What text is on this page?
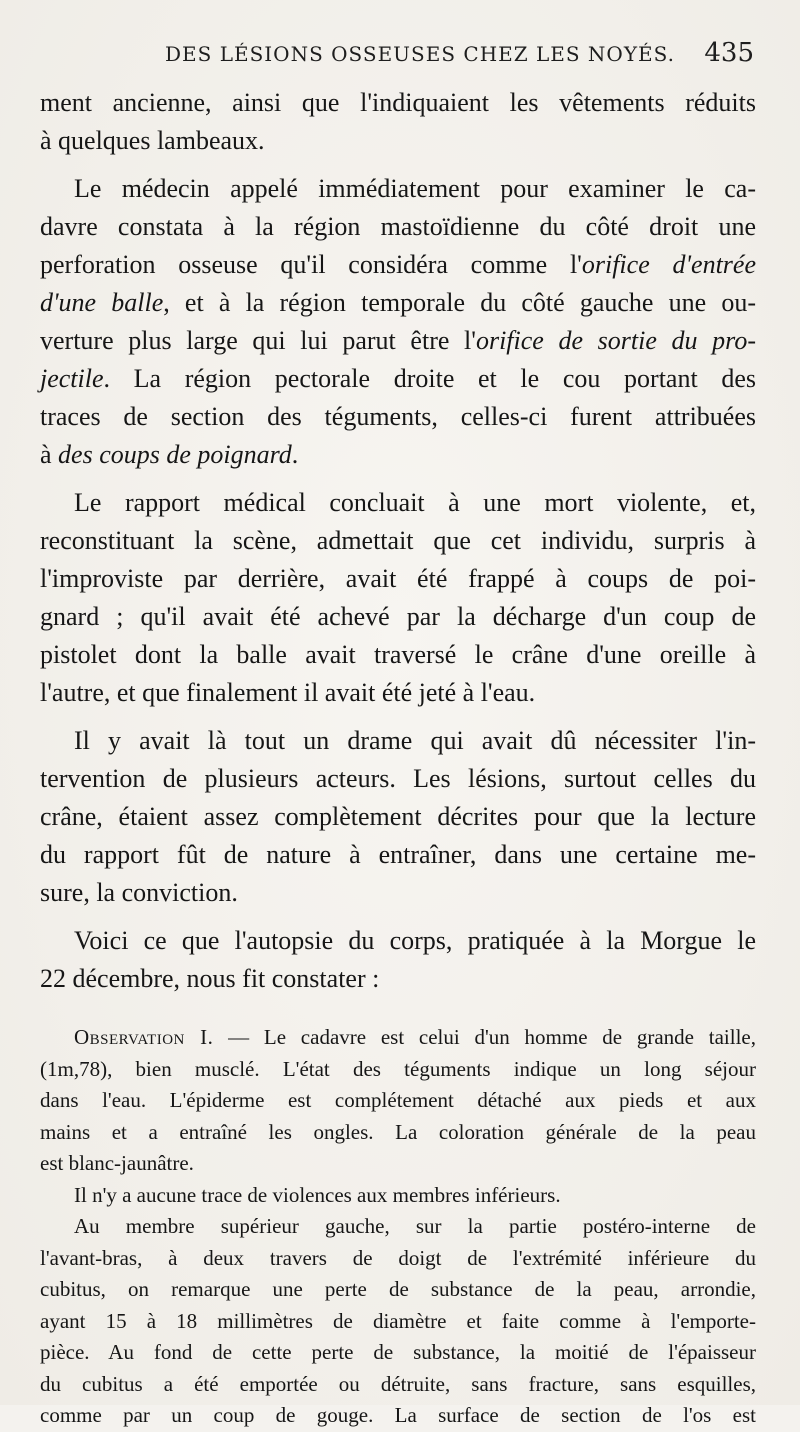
DES LÉSIONS OSSEUSES CHEZ LES NOYÉS. 435
ment ancienne, ainsi que l'indiquaient les vêtements réduits
à quelques lambeaux.
Le médecin appelé immédiatement pour examiner le ca-
davre constata à la région mastoïdienne du côté droit une
perforation osseuse qu'il considéra comme l'orifice d'entrée
d'une balle, et à la région temporale du côté gauche une ou-
verture plus large qui lui parut être l'orifice de sortie du pro-
jectile. La région pectorale droite et le cou portant des
traces de section des téguments, celles-ci furent attribuées
à des coups de poignard.
Le rapport médical concluait à une mort violente, et,
reconstituant la scène, admettait que cet individu, surpris à
l'improviste par derrière, avait été frappé à coups de poi-
gnard ; qu'il avait été achevé par la décharge d'un coup de
pistolet dont la balle avait traversé le crâne d'une oreille à
l'autre, et que finalement il avait été jeté à l'eau.
Il y avait là tout un drame qui avait dû nécessiter l'in-
tervention de plusieurs acteurs. Les lésions, surtout celles du
crâne, étaient assez complètement décrites pour que la lecture
du rapport fût de nature à entraîner, dans une certaine me-
sure, la conviction.
Voici ce que l'autopsie du corps, pratiquée à la Morgue le
22 décembre, nous fit constater :
Observation I. — Le cadavre est celui d'un homme de grande taille,
(1m,78), bien musclé. L'état des téguments indique un long séjour
dans l'eau. L'épiderme est complétement détaché aux pieds et aux
mains et a entraîné les ongles. La coloration générale de la peau
est blanc-jaunâtre.
Il n'y a aucune trace de violences aux membres inférieurs.
Au membre supérieur gauche, sur la partie postéro-interne de
l'avant-bras, à deux travers de doigt de l'extrémité inférieure du
cubitus, on remarque une perte de substance de la peau, arrondie,
ayant 15 à 18 millimètres de diamètre et faite comme à l'emporte-
pièce. Au fond de cette perte de substance, la moitié de l'épaisseur
du cubitus a été emportée ou détruite, sans fracture, sans esquilles,
comme par un coup de gouge. La surface de section de l'os est
